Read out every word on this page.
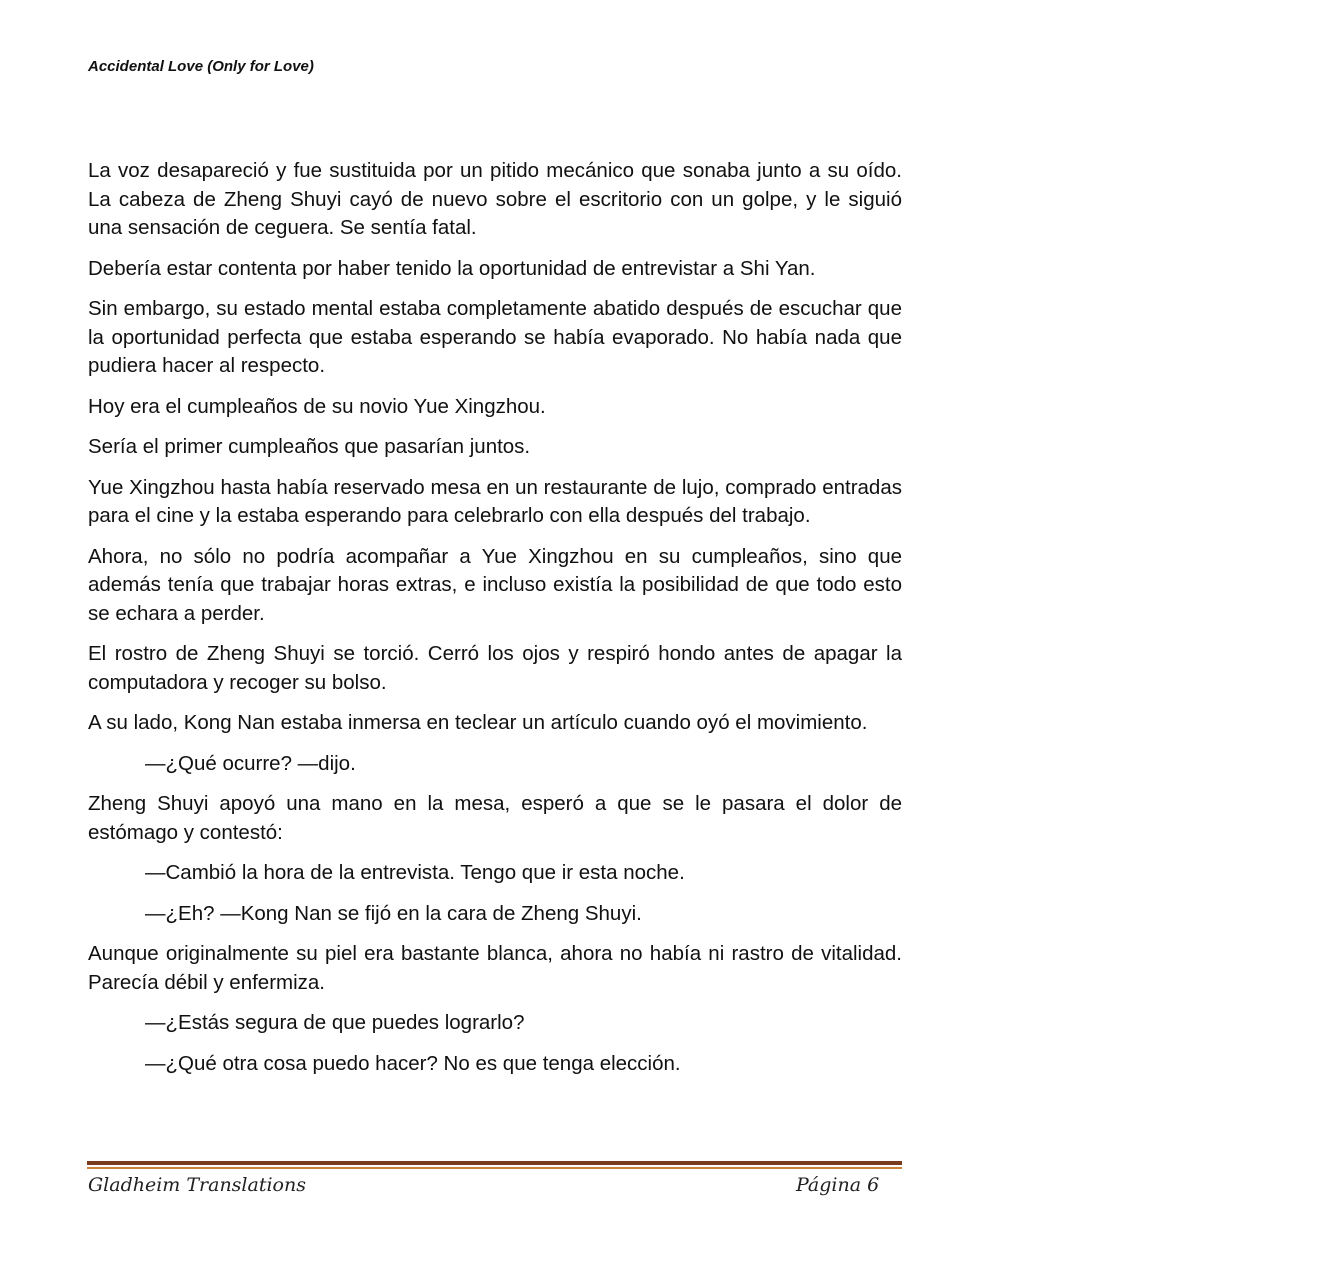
Accidental Love (Only for Love)

La voz desapareció y fue sustituida por un pitido mecánico que sonaba junto a su oído. La cabeza de Zheng Shuyi cayó de nuevo sobre el escritorio con un golpe, y le siguió una sensación de ceguera. Se sentía fatal.

Debería estar contenta por haber tenido la oportunidad de entrevistar a Shi Yan.

Sin embargo, su estado mental estaba completamente abatido después de escuchar que la oportunidad perfecta que estaba esperando se había evaporado. No había nada que pudiera hacer al respecto.

Hoy era el cumpleaños de su novio Yue Xingzhou.

Sería el primer cumpleaños que pasarían juntos.

Yue Xingzhou hasta había reservado mesa en un restaurante de lujo, comprado entradas para el cine y la estaba esperando para celebrarlo con ella después del trabajo.

Ahora, no sólo no podría acompañar a Yue Xingzhou en su cumpleaños, sino que además tenía que trabajar horas extras, e incluso existía la posibilidad de que todo esto se echara a perder.

El rostro de Zheng Shuyi se torció. Cerró los ojos y respiró hondo antes de apagar la computadora y recoger su bolso.

A su lado, Kong Nan estaba inmersa en teclear un artículo cuando oyó el movimiento.

—¿Qué ocurre? —dijo.

Zheng Shuyi apoyó una mano en la mesa, esperó a que se le pasara el dolor de estómago y contestó:

—Cambió la hora de la entrevista. Tengo que ir esta noche.

—¿Eh? —Kong Nan se fijó en la cara de Zheng Shuyi.

Aunque originalmente su piel era bastante blanca, ahora no había ni rastro de vitalidad. Parecía débil y enfermiza.

—¿Estás segura de que puedes lograrlo?

—¿Qué otra cosa puedo hacer? No es que tenga elección.

Gladheim Translations	Página 6
